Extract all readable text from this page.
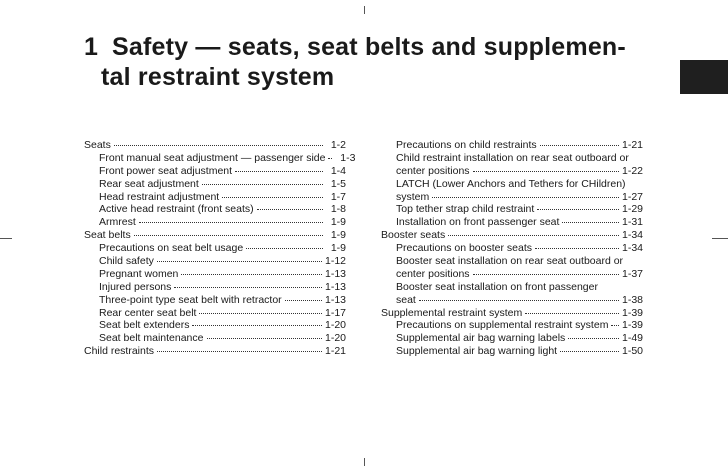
1 Safety — seats, seat belts and supplemen-
tal restraint system
Seats	1-2
Front manual seat adjustment — passenger side	1-3
Front power seat adjustment	1-4
Rear seat adjustment	1-5
Head restraint adjustment	1-7
Active head restraint (front seats)	1-8
Armrest	1-9
Seat belts	1-9
Precautions on seat belt usage	1-9
Child safety	1-12
Pregnant women	1-13
Injured persons	1-13
Three-point type seat belt with retractor	1-13
Rear center seat belt	1-17
Seat belt extenders	1-20
Seat belt maintenance	1-20
Child restraints	1-21
Precautions on child restraints	1-21
Child restraint installation on rear seat outboard or
center positions	1-22
LATCH (Lower Anchors and Tethers for CHildren)
system	1-27
Top tether strap child restraint	1-29
Installation on front passenger seat	1-31
Booster seats	1-34
Precautions on booster seats	1-34
Booster seat installation on rear seat outboard or
center positions	1-37
Booster seat installation on front passenger
seat	1-38
Supplemental restraint system	1-39
Precautions on supplemental restraint system 1-39
Supplemental air bag warning labels	1-49
Supplemental air bag warning light	1-50
